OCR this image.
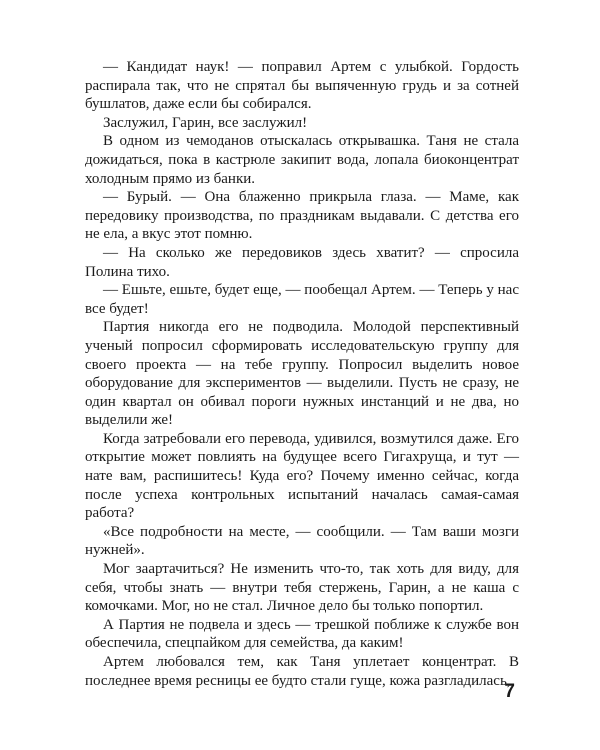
— Кандидат наук! — поправил Артем с улыбкой. Гордость распирала так, что не спрятал бы выпяченную грудь и за сотней бушлатов, даже если бы собирался.

Заслужил, Гарин, все заслужил!

В одном из чемоданов отыскалась открывашка. Таня не стала дожидаться, пока в кастрюле закипит вода, лопала биоконцентрат холодным прямо из банки.

— Бурый. — Она блаженно прикрыла глаза. — Маме, как передовику производства, по праздникам выдавали. С детства его не ела, а вкус этот помню.

— На сколько же передовиков здесь хватит? — спросила Полина тихо.

— Ешьте, ешьте, будет еще, — пообещал Артем. — Теперь у нас все будет!

Партия никогда его не подводила. Молодой перспективный ученый попросил сформировать исследовательскую группу для своего проекта — на тебе группу. Попросил выделить новое оборудование для экспериментов — выделили. Пусть не сразу, не один квартал он обивал пороги нужных инстанций и не два, но выделили же!

Когда затребовали его перевода, удивился, возмутился даже. Его открытие может повлиять на будущее всего Гигахруща, и тут — нате вам, распишитесь! Куда его? Почему именно сейчас, когда после успеха контрольных испытаний началась самая-самая работа?

«Все подробности на месте, — сообщили. — Там ваши мозги нужней».

Мог заартачиться? Не изменить что-то, так хоть для виду, для себя, чтобы знать — внутри тебя стержень, Гарин, а не каша с комочками. Мог, но не стал. Личное дело бы только попортил.

А Партия не подвела и здесь — трешкой поближе к службе вон обеспечила, спецпайком для семейства, да каким!

Артем любовался тем, как Таня уплетает концентрат. В последнее время ресницы ее будто стали гуще, кожа разгладилась,

7
